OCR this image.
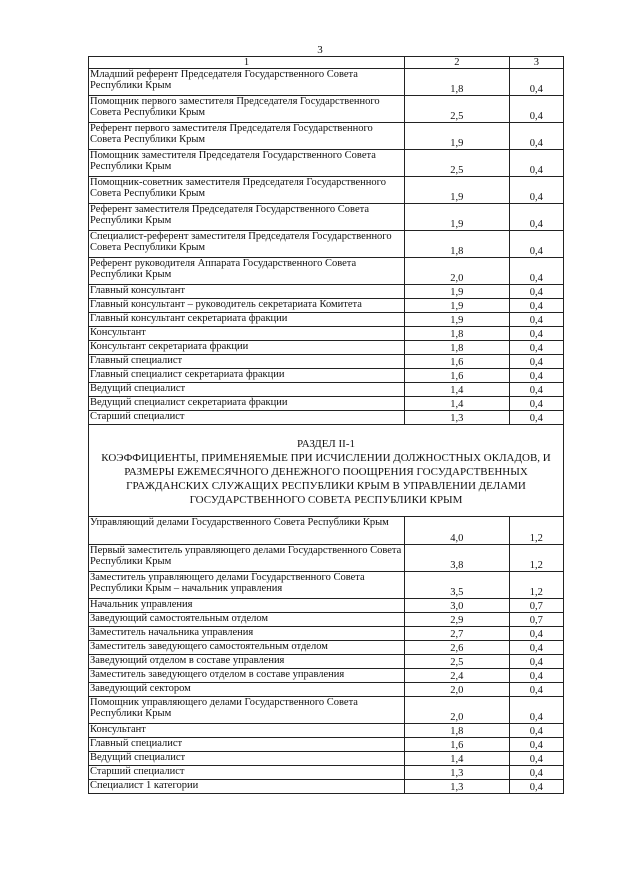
3
1	2	3
Младший референт Председателя Государственного Совета Республики Крым	1,8	0,4
Помощник первого заместителя Председателя Государственного Совета Республики Крым	2,5	0,4
Референт первого заместителя Председателя Государственного Совета Республики Крым	1,9	0,4
Помощник заместителя Председателя Государственного Совета Республики Крым	2,5	0,4
Помощник-советник заместителя Председателя Государственного Совета Республики Крым	1,9	0,4
Референт заместителя Председателя Государственного Совета Республики Крым	1,9	0,4
Специалист-референт заместителя Председателя Государственного Совета Республики Крым	1,8	0,4
Референт руководителя Аппарата Государственного Совета Республики Крым	2,0	0,4
Главный консультант	1,9	0,4
Главный консультант – руководитель секретариата Комитета	1,9	0,4
Главный консультант секретариата фракции	1,9	0,4
Консультант	1,8	0,4
Консультант секретариата фракции	1,8	0,4
Главный специалист	1,6	0,4
Главный специалист секретариата фракции	1,6	0,4
Ведущий специалист	1,4	0,4
Ведущий специалист секретариата фракции	1,4	0,4
Старший специалист	1,3	0,4
РАЗДЕЛ II-1
КОЭФФИЦИЕНТЫ, ПРИМЕНЯЕМЫЕ ПРИ ИСЧИСЛЕНИИ ДОЛЖНОСТНЫХ ОКЛАДОВ, И РАЗМЕРЫ ЕЖЕМЕСЯЧНОГО ДЕНЕЖНОГО ПООЩРЕНИЯ ГОСУДАРСТВЕННЫХ ГРАЖДАНСКИХ СЛУЖАЩИХ РЕСПУБЛИКИ КРЫМ В УПРАВЛЕНИИ ДЕЛАМИ ГОСУДАРСТВЕННОГО СОВЕТА РЕСПУБЛИКИ КРЫМ
Управляющий делами Государственного Совета Республики Крым	4,0	1,2
Первый заместитель управляющего делами Государственного Совета Республики Крым	3,8	1,2
Заместитель управляющего делами Государственного Совета Республики Крым – начальник управления	3,5	1,2
Начальник управления	3,0	0,7
Заведующий самостоятельным отделом	2,9	0,7
Заместитель начальника управления	2,7	0,4
Заместитель заведующего самостоятельным отделом	2,6	0,4
Заведующий отделом в составе управления	2,5	0,4
Заместитель заведующего отделом в составе управления	2,4	0,4
Заведующий сектором	2,0	0,4
Помощник управляющего делами Государственного Совета Республики Крым	2,0	0,4
Консультант	1,8	0,4
Главный специалист	1,6	0,4
Ведущий специалист	1,4	0,4
Старший специалист	1,3	0,4
Специалист 1 категории	1,3	0,4
